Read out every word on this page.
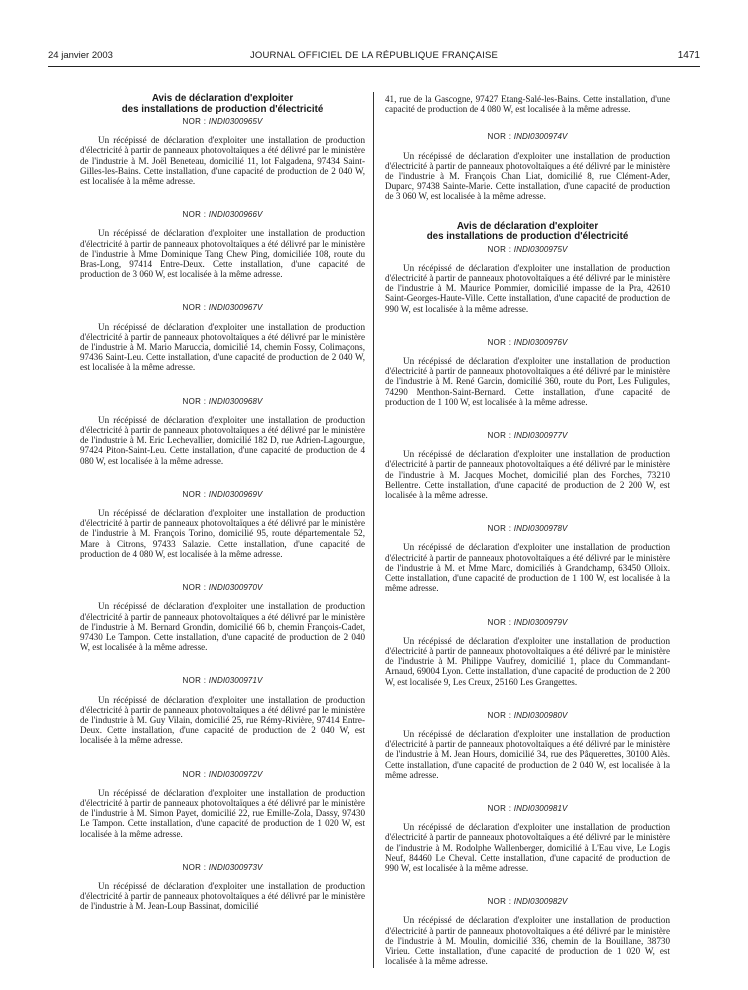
24 janvier 2003	JOURNAL OFFICIEL DE LA RÉPUBLIQUE FRANÇAISE	1471
Avis de déclaration d'exploiter
des installations de production d'électricité
NOR : INDI0300965V

Un récépissé de déclaration d'exploiter une installation de production d'électricité à partir de panneaux photovoltaïques a été délivré par le ministère de l'industrie à M. Joël Beneteau, domicilié 11, lot Falgadena, 97434 Saint-Gilles-les-Bains. Cette installation, d'une capacité de production de 2 040 W, est localisée à la même adresse.

NOR : INDI0300966V

Un récépissé de déclaration d'exploiter une installation de production d'électricité à partir de panneaux photovoltaïques a été délivré par le ministère de l'industrie à Mme Dominique Tang Chew Ping, domiciliée 108, route du Bras-Long, 97414 Entre-Deux. Cette installation, d'une capacité de production de 3 060 W, est localisée à la même adresse.

NOR : INDI0300967V

Un récépissé de déclaration d'exploiter une installation de production d'électricité à partir de panneaux photovoltaïques a été délivré par le ministère de l'industrie à M. Mario Maruccia, domicilié 14, chemin Fossy, Colimaçons, 97436 Saint-Leu. Cette installation, d'une capacité de production de 2 040 W, est localisée à la même adresse.

NOR : INDI0300968V

Un récépissé de déclaration d'exploiter une installation de production d'électricité à partir de panneaux photovoltaïques a été délivré par le ministère de l'industrie à M. Eric Lechevallier, domicilié 182 D, rue Adrien-Lagourgue, 97424 Piton-Saint-Leu. Cette installation, d'une capacité de production de 4 080 W, est localisée à la même adresse.

NOR : INDI0300969V

Un récépissé de déclaration d'exploiter une installation de production d'électricité à partir de panneaux photovoltaïques a été délivré par le ministère de l'industrie à M. François Torino, domicilié 95, route départementale 52, Mare à Citrons, 97433 Salazie. Cette installation, d'une capacité de production de 4 080 W, est localisée à la même adresse.

NOR : INDI0300970V

Un récépissé de déclaration d'exploiter une installation de production d'électricité à partir de panneaux photovoltaïques a été délivré par le ministère de l'industrie à M. Bernard Grondin, domicilié 66 b, chemin François-Cadet, 97430 Le Tampon. Cette installation, d'une capacité de production de 2 040 W, est localisée à la même adresse.

NOR : INDI0300971V

Un récépissé de déclaration d'exploiter une installation de production d'électricité à partir de panneaux photovoltaïques a été délivré par le ministère de l'industrie à M. Guy Vilain, domicilié 25, rue Rémy-Rivière, 97414 Entre-Deux. Cette installation, d'une capacité de production de 2 040 W, est localisée à la même adresse.

NOR : INDI0300972V

Un récépissé de déclaration d'exploiter une installation de production d'électricité à partir de panneaux photovoltaïques a été délivré par le ministère de l'industrie à M. Simon Payet, domicilié 22, rue Emille-Zola, Dassy, 97430 Le Tampon. Cette installation, d'une capacité de production de 1 020 W, est localisée à la même adresse.

NOR : INDI0300973V

Un récépissé de déclaration d'exploiter une installation de production d'électricité à partir de panneaux photovoltaïques a été délivré par le ministère de l'industrie à M. Jean-Loup Bassinat, domicilié

41, rue de la Gascogne, 97427 Etang-Salé-les-Bains. Cette installation, d'une capacité de production de 4 080 W, est localisée à la même adresse.

NOR : INDI0300974V

Un récépissé de déclaration d'exploiter une installation de production d'électricité à partir de panneaux photovoltaïques a été délivré par le ministère de l'industrie à M. François Chan Liat, domicilié 8, rue Clément-Ader, Duparc, 97438 Sainte-Marie. Cette installation, d'une capacité de production de 3 060 W, est localisée à la même adresse.

Avis de déclaration d'exploiter
des installations de production d'électricité
NOR : INDI0300975V

Un récépissé de déclaration d'exploiter une installation de production d'électricité à partir de panneaux photovoltaïques a été délivré par le ministère de l'industrie à M. Maurice Pommier, domicilié impasse de la Pra, 42610 Saint-Georges-Haute-Ville. Cette installation, d'une capacité de production de 990 W, est localisée à la même adresse.

NOR : INDI0300976V

Un récépissé de déclaration d'exploiter une installation de production d'électricité à partir de panneaux photovoltaïques a été délivré par le ministère de l'industrie à M. René Garcin, domicilié 360, route du Port, Les Fuligules, 74290 Menthon-Saint-Bernard. Cette installation, d'une capacité de production de 1 100 W, est localisée à la même adresse.

NOR : INDI0300977V

Un récépissé de déclaration d'exploiter une installation de production d'électricité à partir de panneaux photovoltaïques a été délivré par le ministère de l'industrie à M. Jacques Mochet, domicilié plan des Forches, 73210 Bellentre. Cette installation, d'une capacité de production de 2 200 W, est localisée à la même adresse.

NOR : INDI0300978V

Un récépissé de déclaration d'exploiter une installation de production d'électricité à partir de panneaux photovoltaïques a été délivré par le ministère de l'industrie à M. et Mme Marc, domiciliés à Grandchamp, 63450 Olloix. Cette installation, d'une capacité de production de 1 100 W, est localisée à la même adresse.

NOR : INDI0300979V

Un récépissé de déclaration d'exploiter une installation de production d'électricité à partir de panneaux photovoltaïques a été délivré par le ministère de l'industrie à M. Philippe Vaufrey, domicilié 1, place du Commandant-Arnaud, 69004 Lyon. Cette installation, d'une capacité de production de 2 200 W, est localisée 9, Les Creux, 25160 Les Grangettes.

NOR : INDI0300980V

Un récépissé de déclaration d'exploiter une installation de production d'électricité à partir de panneaux photovoltaïques a été délivré par le ministère de l'industrie à M. Jean Hours, domicilié 34, rue des Pâquerettes, 30100 Alès. Cette installation, d'une capacité de production de 2 040 W, est localisée à la même adresse.

NOR : INDI0300981V

Un récépissé de déclaration d'exploiter une installation de production d'électricité à partir de panneaux photovoltaïques a été délivré par le ministère de l'industrie à M. Rodolphe Wallenberger, domicilié à L'Eau vive, Le Logis Neuf, 84460 Le Cheval. Cette installation, d'une capacité de production de 990 W, est localisée à la même adresse.

NOR : INDI0300982V

Un récépissé de déclaration d'exploiter une installation de production d'électricité à partir de panneaux photovoltaïques a été délivré par le ministère de l'industrie à M. Moulin, domicilié 336, chemin de la Bouillane, 38730 Virieu. Cette installation, d'une capacité de production de 1 020 W, est localisée à la même adresse.
